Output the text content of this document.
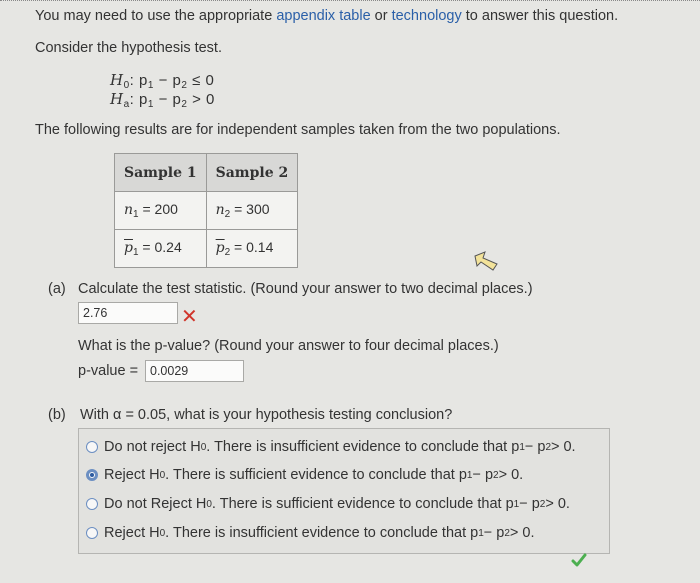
You may need to use the appropriate appendix table or technology to answer this question.
Consider the hypothesis test.
$H_0$: $p_1 - p_2 \le 0$
$H_a$: $p_1 - p_2 > 0$
The following results are for independent samples taken from the two populations.
Sample 1	Sample 2
$n_1 = 200$	$n_2 = 300$
$\overline{p}_1 = 0.24$	$\overline{p}_2 = 0.14$
(a) Calculate the test statistic. (Round your answer to two decimal places.)
2.76	✕
What is the p-value? (Round your answer to four decimal places.)
p-value = 0.0029
(b) With α = 0.05, what is your hypothesis testing conclusion?
Do not reject H 0 . There is insufficient evidence to conclude that p 1 − p 2 > 0.
Reject H 0 . There is sufficient evidence to conclude that p 1 − p 2 > 0.
Do not Reject H 0 . There is sufficient evidence to conclude that p 1 − p 2 > 0.
Reject H 0 . There is insufficient evidence to conclude that p 1 − p 2 > 0.
